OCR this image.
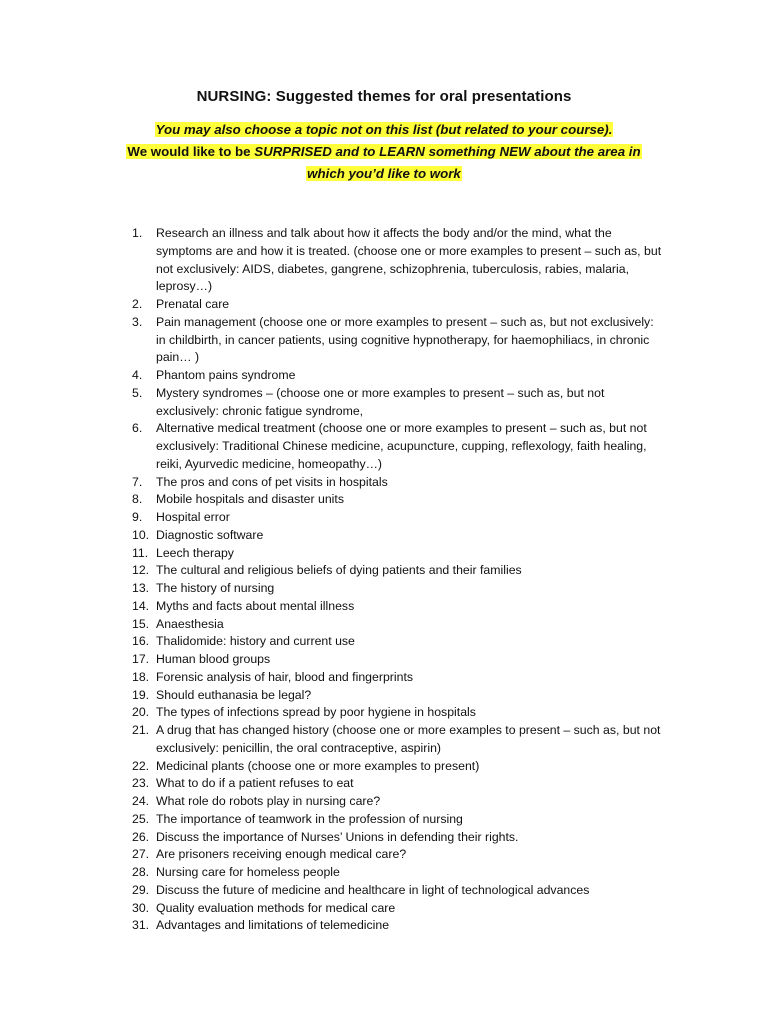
NURSING: Suggested themes for oral presentations
You may also choose a topic not on this list (but related to your course).
We would like to be SURPRISED and to LEARN something NEW about the area in
which you’d like to work
1. Research an illness and talk about how it affects the body and/or the mind, what the symptoms are and how it is treated. (choose one or more examples to present – such as, but not exclusively: AIDS, diabetes, gangrene, schizophrenia, tuberculosis, rabies, malaria, leprosy…)
2. Prenatal care
3. Pain management (choose one or more examples to present – such as, but not exclusively: in childbirth, in cancer patients, using cognitive hypnotherapy, for haemophiliacs, in chronic pain… )
4. Phantom pains syndrome
5. Mystery syndromes – (choose one or more examples to present – such as, but not exclusively: chronic fatigue syndrome,
6. Alternative medical treatment (choose one or more examples to present – such as, but not exclusively: Traditional Chinese medicine, acupuncture, cupping, reflexology, faith healing, reiki, Ayurvedic medicine, homeopathy…)
7. The pros and cons of pet visits in hospitals
8. Mobile hospitals and disaster units
9. Hospital error
10. Diagnostic software
11. Leech therapy
12. The cultural and religious beliefs of dying patients and their families
13. The history of nursing
14. Myths and facts about mental illness
15. Anaesthesia
16. Thalidomide: history and current use
17. Human blood groups
18. Forensic analysis of hair, blood and fingerprints
19. Should euthanasia be legal?
20. The types of infections spread by poor hygiene in hospitals
21. A drug that has changed history (choose one or more examples to present – such as, but not exclusively: penicillin, the oral contraceptive, aspirin)
22. Medicinal plants (choose one or more examples to present)
23. What to do if a patient refuses to eat
24. What role do robots play in nursing care?
25. The importance of teamwork in the profession of nursing
26. Discuss the importance of Nurses’ Unions in defending their rights.
27. Are prisoners receiving enough medical care?
28. Nursing care for homeless people
29. Discuss the future of medicine and healthcare in light of technological advances
30. Quality evaluation methods for medical care
31. Advantages and limitations of telemedicine
